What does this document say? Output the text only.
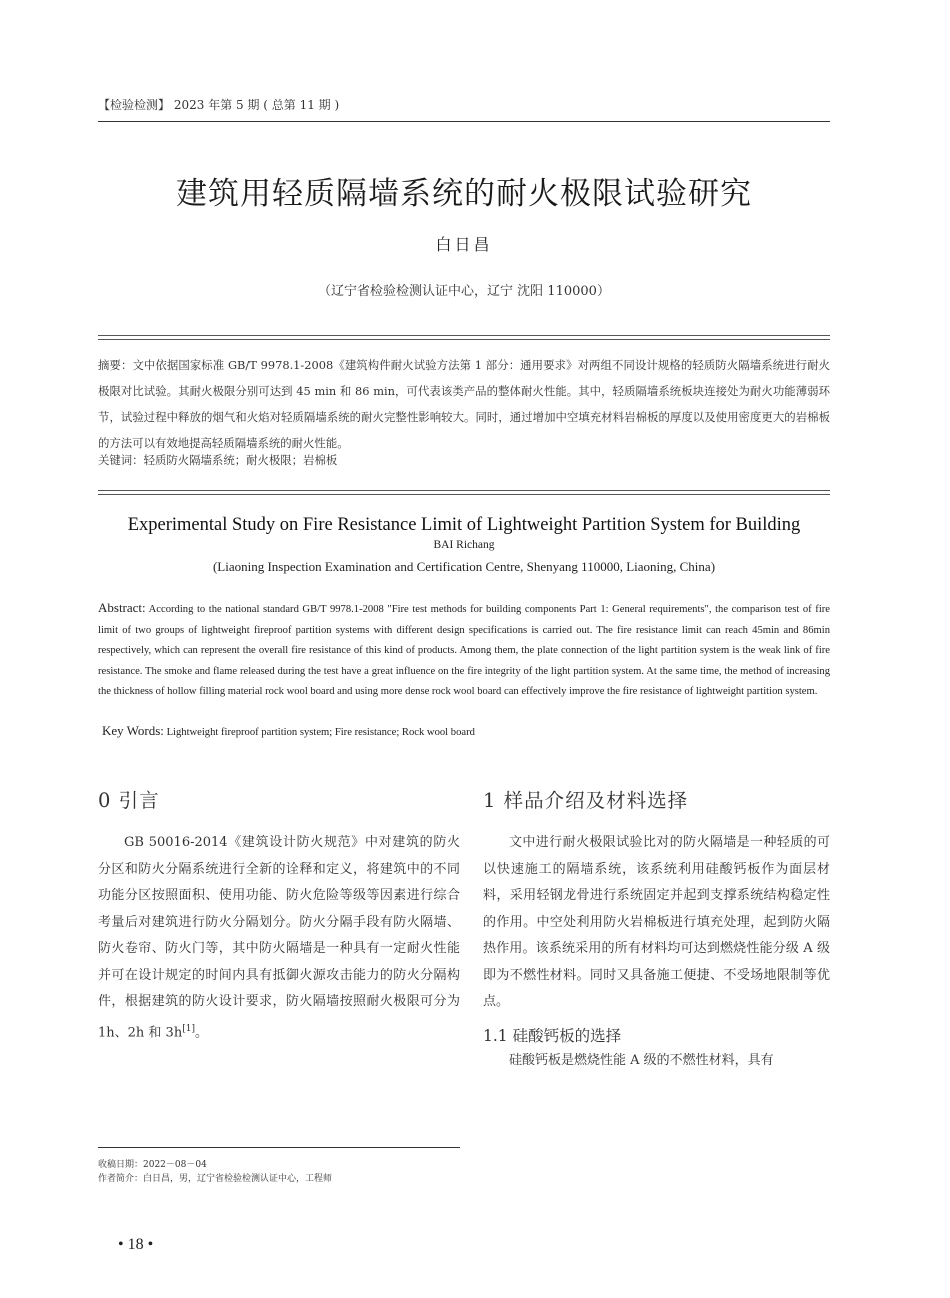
【检验检测】 2023 年第 5 期 ( 总第 11 期 )
建筑用轻质隔墙系统的耐火极限试验研究
白日昌
（辽宁省检验检测认证中心，辽宁 沈阳 110000）
摘要：文中依据国家标准 GB/T 9978.1-2008《建筑构件耐火试验方法第 1 部分：通用要求》对两组不同设计规格的轻质防火隔墙系统进行耐火极限对比试验。其耐火极限分别可达到 45 min 和 86 min，可代表该类产品的整体耐火性能。其中，轻质隔墙系统板块连接处为耐火功能薄弱环节，试验过程中释放的烟气和火焰对轻质隔墙系统的耐火完整性影响较大。同时，通过增加中空填充材料岩棉板的厚度以及使用密度更大的岩棉板的方法可以有效地提高轻质隔墙系统的耐火性能。
关键词：轻质防火隔墙系统；耐火极限；岩棉板
Experimental Study on Fire Resistance Limit of Lightweight Partition System for Building
BAI Richang
(Liaoning Inspection Examination and Certification Centre, Shenyang 110000, Liaoning, China)
Abstract: According to the national standard GB/T 9978.1-2008 "Fire test methods for building components Part 1: General requirements", the comparison test of fire limit of two groups of lightweight fireproof partition systems with different design specifications is carried out. The fire resistance limit can reach 45min and 86min respectively, which can represent the overall fire resistance of this kind of products. Among them, the plate connection of the light partition system is the weak link of fire resistance. The smoke and flame released during the test have a great influence on the fire integrity of the light partition system. At the same time, the method of increasing the thickness of hollow filling material rock wool board and using more dense rock wool board can effectively improve the fire resistance of lightweight partition system.
Key Words: Lightweight fireproof partition system; Fire resistance; Rock wool board
0 引言

GB 50016-2014《建筑设计防火规范》中对建筑的防火分区和防火分隔系统进行全新的诠释和定义，将建筑中的不同功能分区按照面积、使用功能、防火危险等级等因素进行综合考量后对建筑进行防火分隔划分。防火分隔手段有防火隔墙、防火卷帘、防火门等，其中防火隔墙是一种具有一定耐火性能并可在设计规定的时间内具有抵御火源攻击能力的防火分隔构件，根据建筑的防火设计要求，防火隔墙按照耐火极限可分为 1h、2h 和 3h[1]。

1 样品介绍及材料选择

文中进行耐火极限试验比对的防火隔墙是一种轻质的可以快速施工的隔墙系统，该系统利用硅酸钙板作为面层材料，采用轻钢龙骨进行系统固定并起到支撑系统结构稳定性的作用。中空处利用防火岩棉板进行填充处理，起到防火隔热作用。该系统采用的所有材料均可达到燃烧性能分级 A 级即为不燃性材料。同时又具备施工便捷、不受场地限制等优点。

1.1 硅酸钙板的选择

硅酸钙板是燃烧性能 A 级的不燃性材料，具有

收稿日期：2022－08－04
作者简介：白日昌，男，辽宁省检验检测认证中心，工程师
• 18 •
